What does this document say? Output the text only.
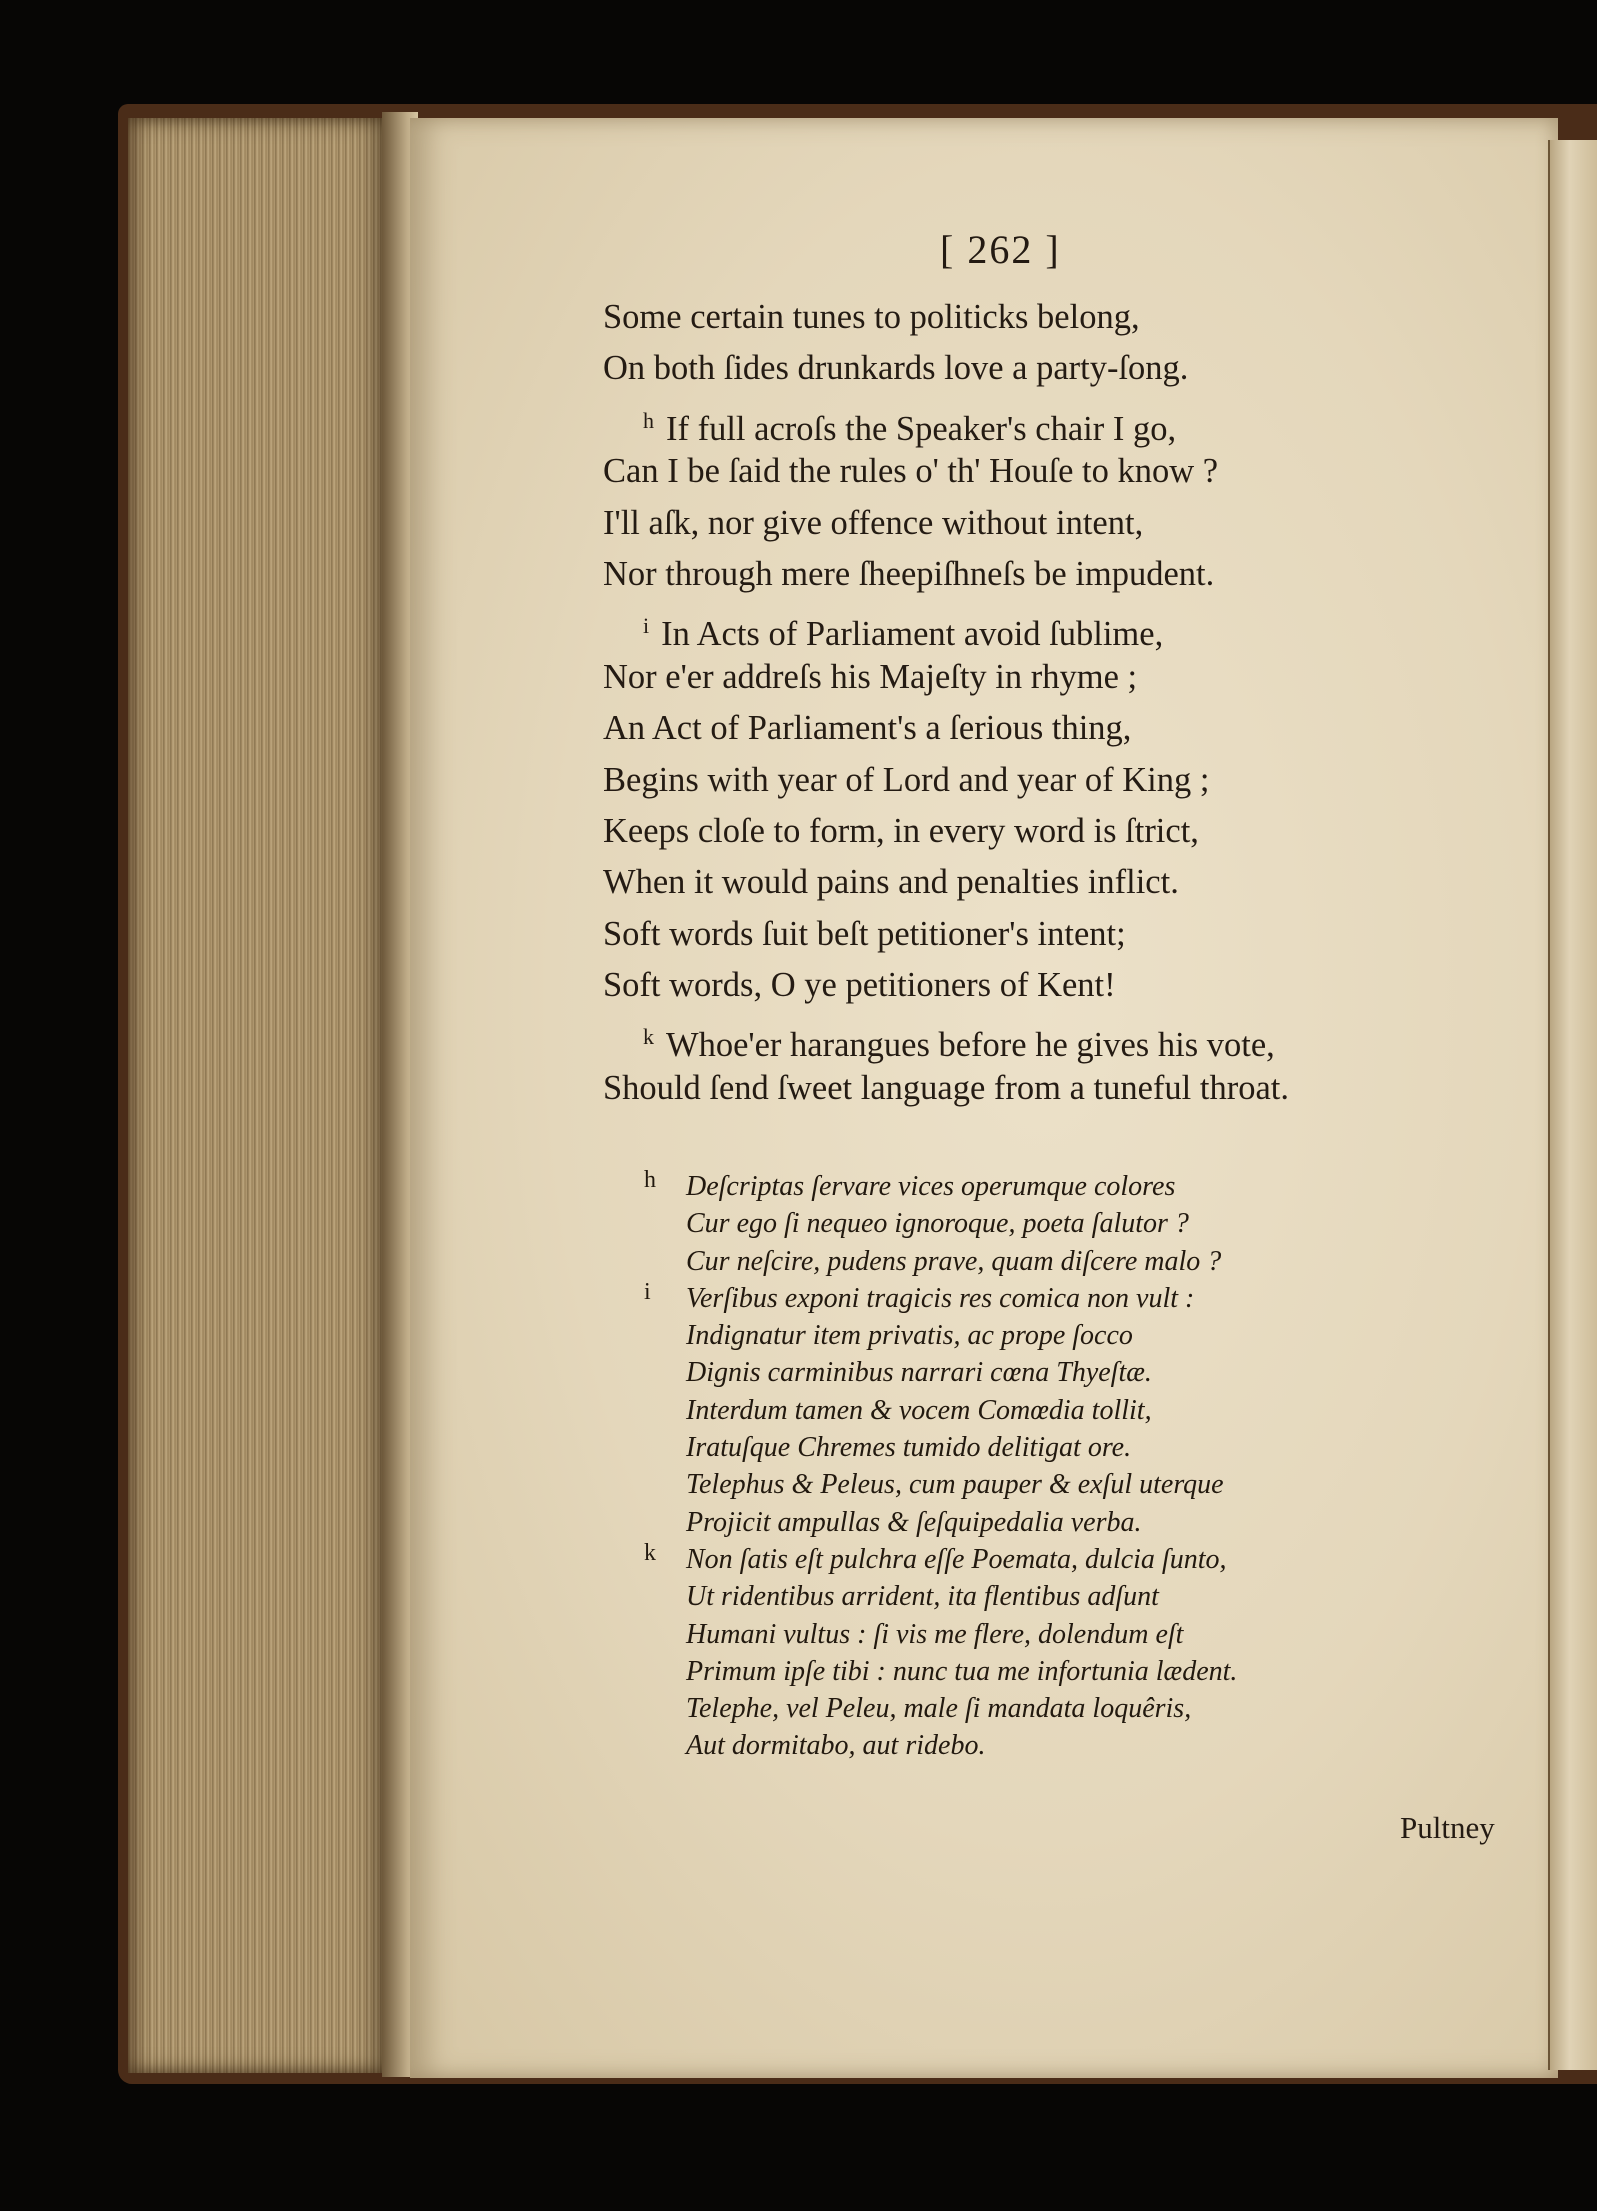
[ 262 ]
Some certain tunes to politicks belong,
On both ſides drunkards love a party-ſong.
$^h$ If full acroſs the Speaker's chair I go,
Can I be ſaid the rules o' th' Houſe to know ?
I'll aſk, nor give offence without intent,
Nor through mere ſheepiſhneſs be impudent.
$^i$ In Acts of Parliament avoid ſublime,
Nor e'er addreſs his Majeſty in rhyme ;
An Act of Parliament's a ſerious thing,
Begins with year of Lord and year of King ;
Keeps cloſe to form, in every word is ſtrict,
When it would pains and penalties inflict.
Soft words ſuit beſt petitioner's intent;
Soft words, O ye petitioners of Kent!
$^k$ Whoe'er harangues before he gives his vote,
Should ſend ſweet language from a tuneful throat.
h	Deſcriptas ſervare vices operumque colores
Cur ego ſi nequeo ignoroque, poeta ſalutor ?
Cur neſcire, pudens prave, quam diſcere malo ?
i	Verſibus exponi tragicis res comica non vult :
Indignatur item privatis, ac prope ſocco
Dignis carminibus narrari cœna Thyeſtæ.
Interdum tamen & vocem Comœdia tollit,
Iratuſque Chremes tumido delitigat ore.
Telephus & Peleus, cum pauper & exſul uterque
Projicit ampullas & ſeſquipedalia verba.
k	Non ſatis eſt pulchra eſſe Poemata, dulcia ſunto,
Ut ridentibus arrident, ita flentibus adſunt
Humani vultus : ſi vis me flere, dolendum eſt
Primum ipſe tibi : nunc tua me infortunia lædent.
Telephe, vel Peleu, male ſi mandata loquêris,
Aut dormitabo, aut ridebo.
Pultney
